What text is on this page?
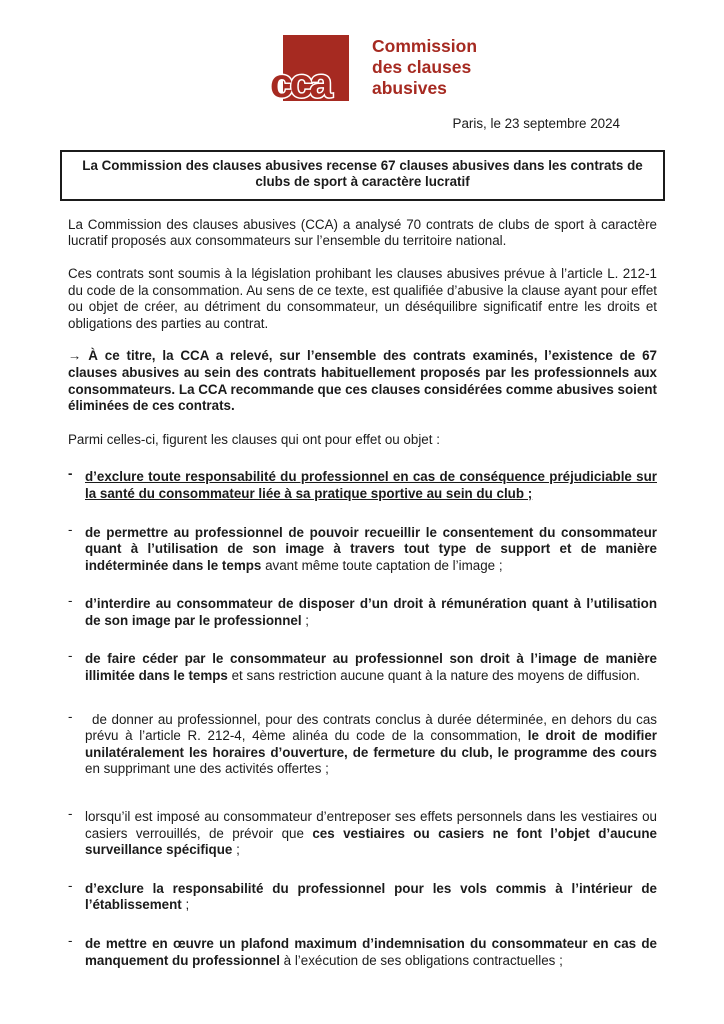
cca
Commission
des clauses
abusives
Paris, le 23 septembre 2024
La Commission des clauses abusives recense 67 clauses abusives dans les contrats de clubs de sport à caractère lucratif

La Commission des clauses abusives (CCA) a analysé 70 contrats de clubs de sport à caractère lucratif proposés aux consommateurs sur l’ensemble du territoire national.

Ces contrats sont soumis à la législation prohibant les clauses abusives prévue à l’article L. 212-1 du code de la consommation. Au sens de ce texte, est qualifiée d’abusive la clause ayant pour effet ou objet de créer, au détriment du consommateur, un déséquilibre significatif entre les droits et obligations des parties au contrat.

→ À ce titre, la CCA a relevé, sur l’ensemble des contrats examinés, l’existence de 67 clauses abusives au sein des contrats habituellement proposés par les professionnels aux consommateurs. La CCA recommande que ces clauses considérées comme abusives soient éliminées de ces contrats.

Parmi celles-ci, figurent les clauses qui ont pour effet ou objet :

- d’exclure toute responsabilité du professionnel en cas de conséquence préjudiciable sur la santé du consommateur liée à sa pratique sportive au sein du club ;
- de permettre au professionnel de pouvoir recueillir le consentement du consommateur quant à l’utilisation de son image à travers tout type de support et de manière indéterminée dans le temps avant même toute captation de l’image ;
- d’interdire au consommateur de disposer d’un droit à rémunération quant à l’utilisation de son image par le professionnel ;
- de faire céder par le consommateur au professionnel son droit à l’image de manière illimitée dans le temps et sans restriction aucune quant à la nature des moyens de diffusion.
- de donner au professionnel, pour des contrats conclus à durée déterminée, en dehors du cas prévu à l’article R. 212-4, 4ème alinéa du code de la consommation, le droit de modifier unilatéralement les horaires d’ouverture, de fermeture du club, le programme des cours en supprimant une des activités offertes ;
- lorsqu’il est imposé au consommateur d’entreposer ses effets personnels dans les vestiaires ou casiers verrouillés, de prévoir que ces vestiaires ou casiers ne font l’objet d’aucune surveillance spécifique ;
- d’exclure la responsabilité du professionnel pour les vols commis à l’intérieur de l’établissement ;
- de mettre en œuvre un plafond maximum d’indemnisation du consommateur en cas de manquement du professionnel à l’exécution de ses obligations contractuelles ;
